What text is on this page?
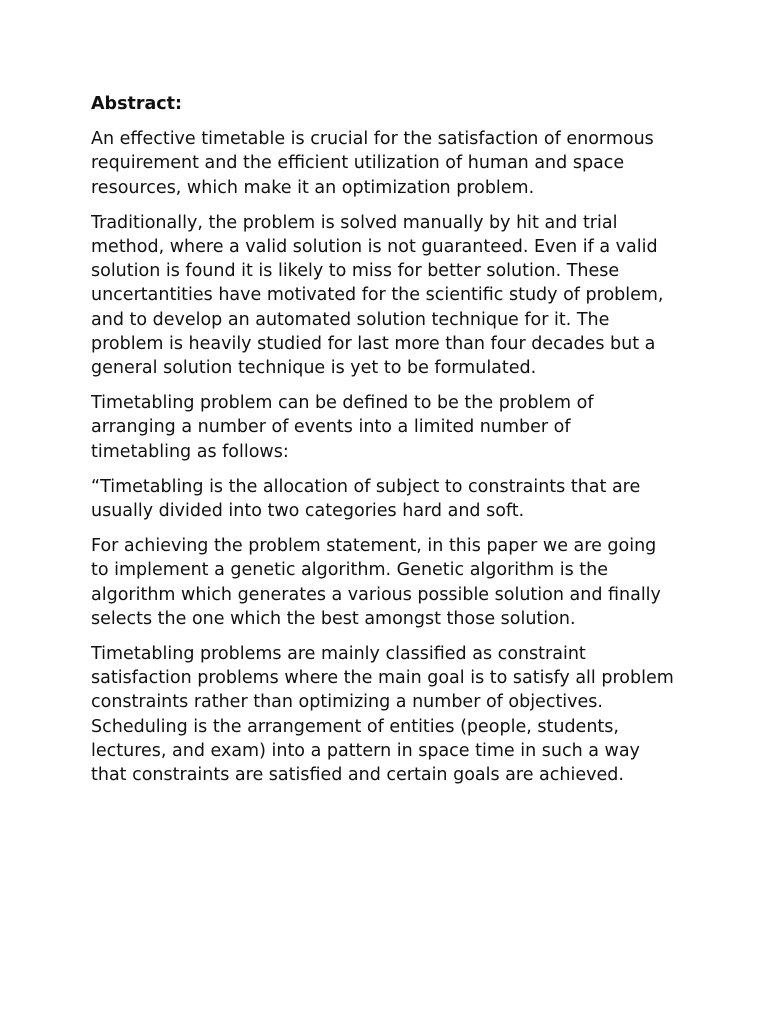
Abstract:
An effective timetable is crucial for the satisfaction of enormous
requirement and the efficient utilization of human and space
resources, which make it an optimization problem.
Traditionally, the problem is solved manually by hit and trial
method, where a valid solution is not guaranteed. Even if a valid
solution is found it is likely to miss for better solution. These
uncertantities have motivated for the scientific study of problem,
and to develop an automated solution technique for it. The
problem is heavily studied for last more than four decades but a
general solution technique is yet to be formulated.
Timetabling problem can be defined to be the problem of
arranging a number of events into a limited number of
timetabling as follows:
“Timetabling is the allocation of subject to constraints that are
usually divided into two categories hard and soft.
For achieving the problem statement, in this paper we are going
to implement a genetic algorithm. Genetic algorithm is the
algorithm which generates a various possible solution and finally
selects the one which the best amongst those solution.
Timetabling problems are mainly classified as constraint
satisfaction problems where the main goal is to satisfy all problem
constraints rather than optimizing a number of objectives.
Scheduling is the arrangement of entities (people, students,
lectures, and exam) into a pattern in space time in such a way
that constraints are satisfied and certain goals are achieved.
